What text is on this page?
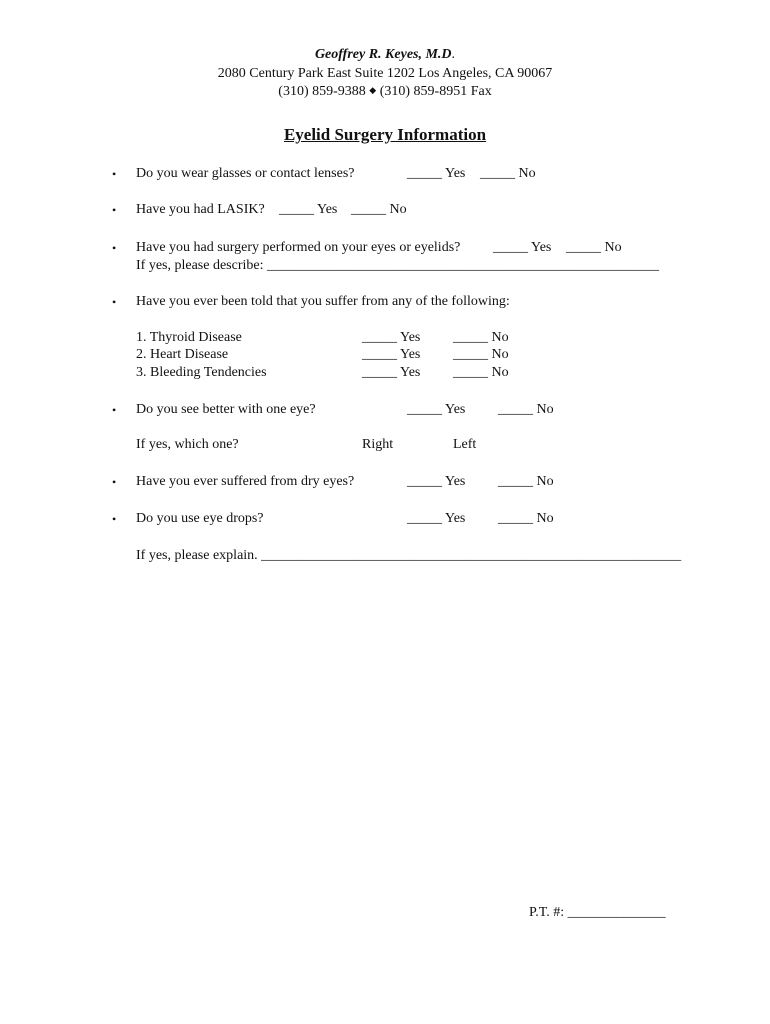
Geoffrey R. Keyes, M.D.
2080 Century Park East Suite 1202 Los Angeles, CA 90067
(310) 859-9388 ◆ (310) 859-8951 Fax
Eyelid Surgery Information
• Do you wear glasses or contact lenses?	_____ Yes _____ No
• Have you had LASIK? _____ Yes _____ No
• Have you had surgery performed on your eyes or eyelids? _____ Yes _____ No
If yes, please describe: ________________________________________________________
• Have you ever been told that you suffer from any of the following:
1. Thyroid Disease	_____ Yes _____ No
2. Heart Disease	_____ Yes _____ No
3. Bleeding Tendencies	_____ Yes _____ No
• Do you see better with one eye?	_____ Yes _____ No
If yes, which one?	Right	Left
• Have you ever suffered from dry eyes?	_____ Yes _____ No
• Do you use eye drops?	_____ Yes _____ No
If yes, please explain. ____________________________________________________________
P.T. #: ______________
